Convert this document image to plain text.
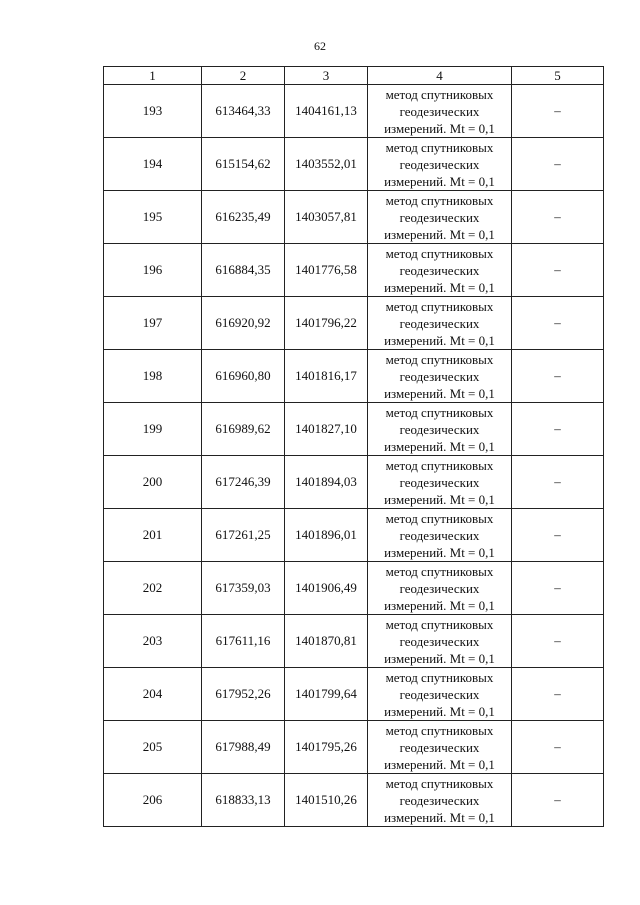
62
1	2	3	4	5
193	613464,33	1404161,13	метод спутниковых
геодезических
измерений. Mt = 0,1	–
194	615154,62	1403552,01	метод спутниковых
геодезических
измерений. Mt = 0,1	–
195	616235,49	1403057,81	метод спутниковых
геодезических
измерений. Mt = 0,1	–
196	616884,35	1401776,58	метод спутниковых
геодезических
измерений. Mt = 0,1	–
197	616920,92	1401796,22	метод спутниковых
геодезических
измерений. Mt = 0,1	–
198	616960,80	1401816,17	метод спутниковых
геодезических
измерений. Mt = 0,1	–
199	616989,62	1401827,10	метод спутниковых
геодезических
измерений. Mt = 0,1	–
200	617246,39	1401894,03	метод спутниковых
геодезических
измерений. Mt = 0,1	–
201	617261,25	1401896,01	метод спутниковых
геодезических
измерений. Mt = 0,1	–
202	617359,03	1401906,49	метод спутниковых
геодезических
измерений. Mt = 0,1	–
203	617611,16	1401870,81	метод спутниковых
геодезических
измерений. Mt = 0,1	–
204	617952,26	1401799,64	метод спутниковых
геодезических
измерений. Mt = 0,1	–
205	617988,49	1401795,26	метод спутниковых
геодезических
измерений. Mt = 0,1	–
206	618833,13	1401510,26	метод спутниковых
геодезических
измерений. Mt = 0,1	–
